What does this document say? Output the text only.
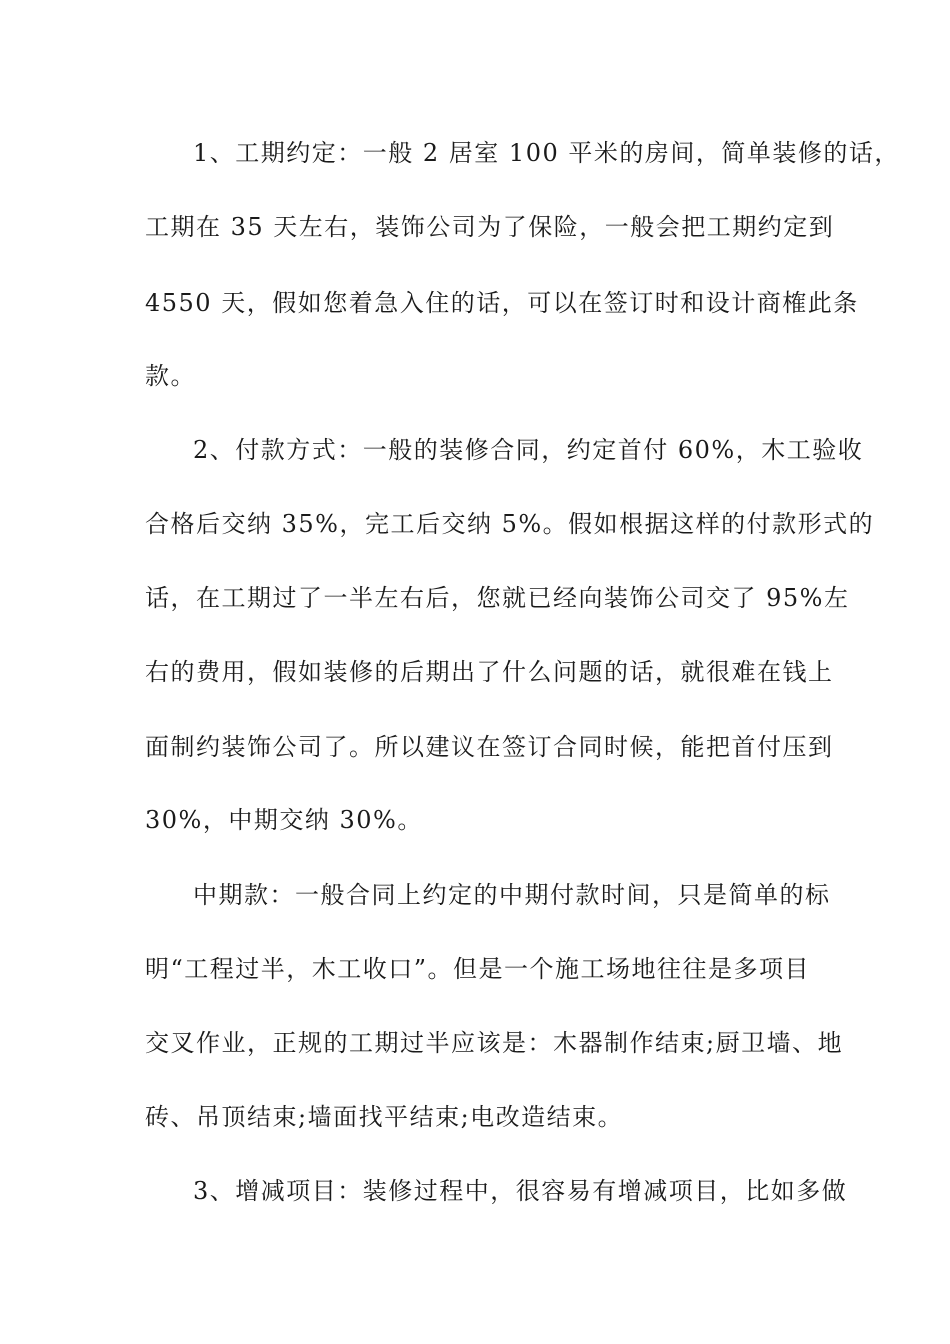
1、工期约定：一般 2 居室 100 平米的房间，简单装修的话，
工期在 35 天左右，装饰公司为了保险，一般会把工期约定到
4550 天，假如您着急入住的话，可以在签订时和设计商榷此条
款。
2、付款方式：一般的装修合同，约定首付 60%，木工验收
合格后交纳 35%，完工后交纳 5%。假如根据这样的付款形式的
话，在工期过了一半左右后，您就已经向装饰公司交了 95%左
右的费用，假如装修的后期出了什么问题的话，就很难在钱上
面制约装饰公司了。所以建议在签订合同时候，能把首付压到
30%，中期交纳 30%。
中期款：一般合同上约定的中期付款时间，只是简单的标
明“工程过半，木工收口”。但是一个施工场地往往是多项目
交叉作业，正规的工期过半应该是：木器制作结束;厨卫墙、地
砖、吊顶结束;墙面找平结束;电改造结束。
3、增减项目：装修过程中，很容易有增减项目，比如多做
